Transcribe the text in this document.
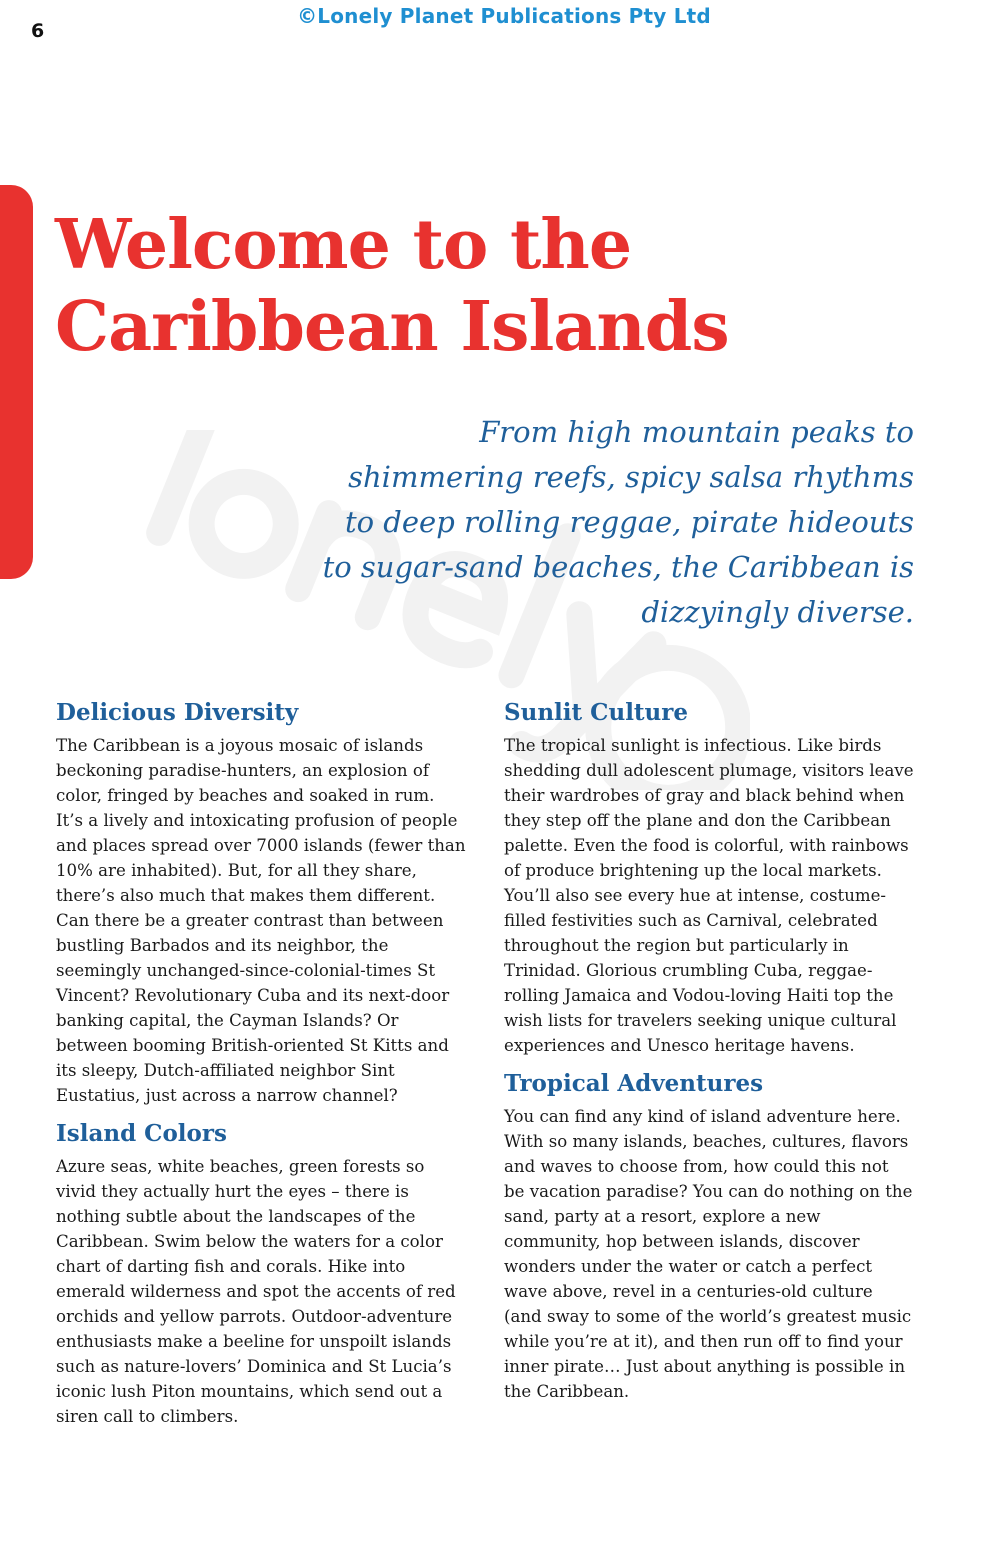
©Lonely Planet Publications Pty Ltd
6
Welcome to the
Caribbean Islands

From high mountain peaks to
shimmering reefs, spicy salsa rhythms
to deep rolling reggae, pirate hideouts
to sugar-sand beaches, the Caribbean is
dizzyingly diverse.

Delicious Diversity

The Caribbean is a joyous mosaic of islands beckoning paradise-hunters, an explosion of color, fringed by beaches and soaked in rum. It’s a lively and intoxicating profusion of people and places spread over 7000 islands (fewer than 10% are inhabited). But, for all they share, there’s also much that makes them different. Can there be a greater contrast than between bustling Barbados and its neighbor, the seemingly unchanged-since-colonial-times St Vincent? Revolutionary Cuba and its next-door banking capital, the Cayman Islands? Or between booming British-oriented St Kitts and its sleepy, Dutch-affiliated neighbor Sint Eustatius, just across a narrow channel?

Island Colors

Azure seas, white beaches, green forests so vivid they actually hurt the eyes – there is nothing subtle about the landscapes of the Caribbean. Swim below the waters for a color chart of darting fish and corals. Hike into emerald wilderness and spot the accents of red orchids and yellow parrots. Outdoor-adventure enthusiasts make a beeline for unspoilt islands such as nature-lovers’ Dominica and St Lucia’s iconic lush Piton mountains, which send out a siren call to climbers.

Sunlit Culture

The tropical sunlight is infectious. Like birds shedding dull adolescent plumage, visitors leave their wardrobes of gray and black behind when they step off the plane and don the Caribbean palette. Even the food is colorful, with rainbows of produce brightening up the local markets. You’ll also see every hue at intense, costume-filled festivities such as Carnival, celebrated throughout the region but particularly in Trinidad. Glorious crumbling Cuba, reggae-rolling Jamaica and Vodou-loving Haiti top the wish lists for travelers seeking unique cultural experiences and Unesco heritage havens.

Tropical Adventures

You can find any kind of island adventure here. With so many islands, beaches, cultures, flavors and waves to choose from, how could this not be vacation paradise? You can do nothing on the sand, party at a resort, explore a new community, hop between islands, discover wonders under the water or catch a perfect wave above, revel in a centuries-old culture (and sway to some of the world’s greatest music while you’re at it), and then run off to find your inner pirate… Just about anything is possible in the Caribbean.
